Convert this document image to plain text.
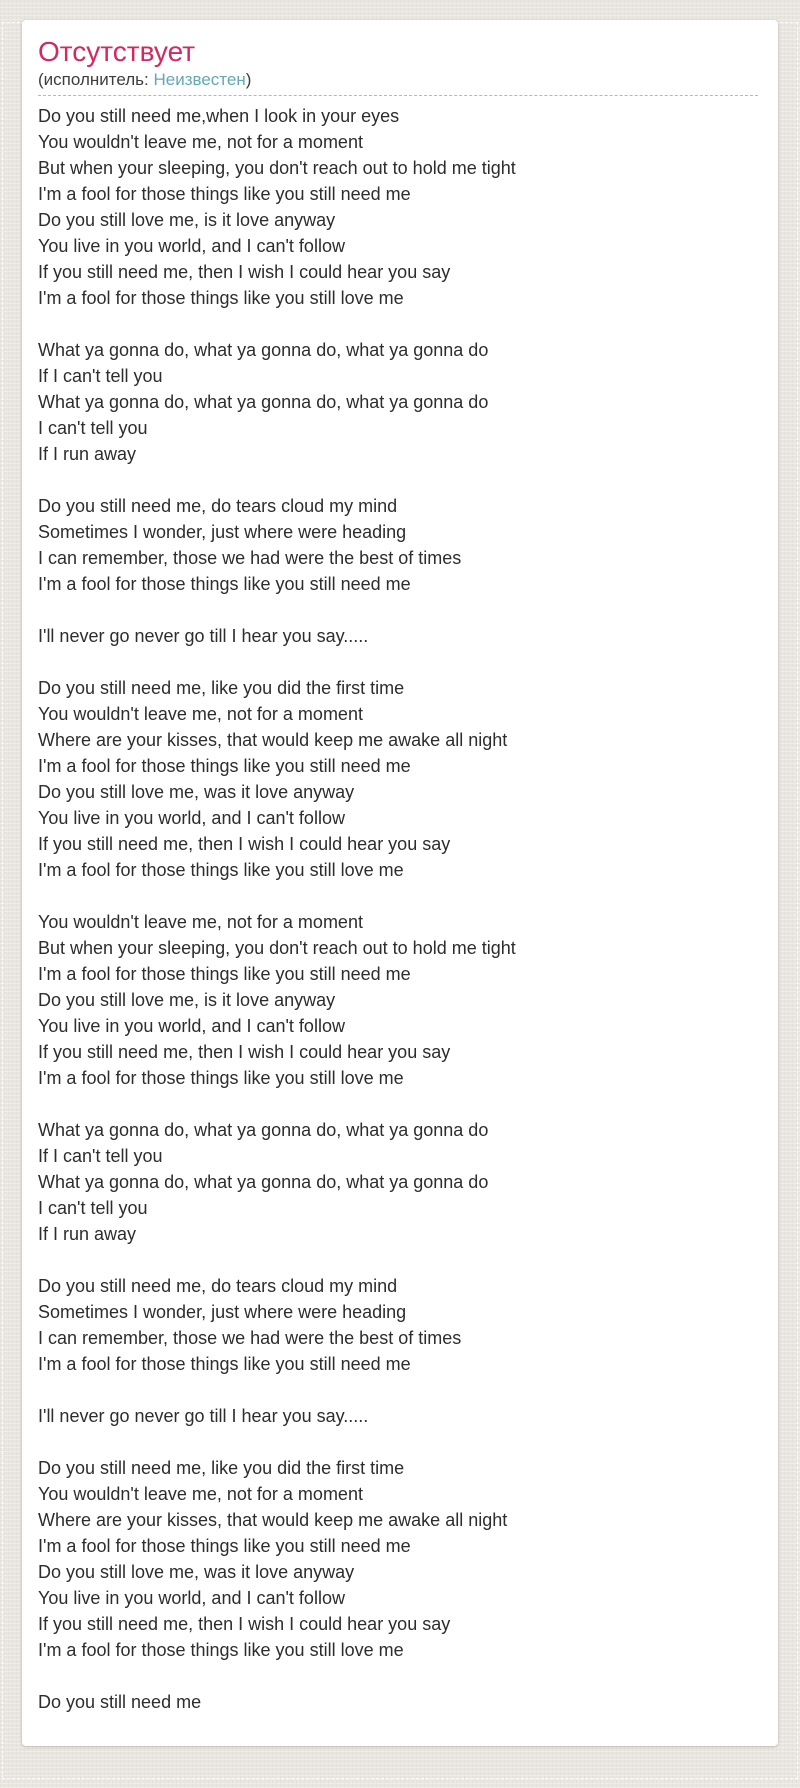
Отсутствует
(исполнитель: Неизвестен)

Do you still need me,when I look in your eyes
You wouldn't leave me, not for a moment
But when your sleeping, you don't reach out to hold me tight
I'm a fool for those things like you still need me
Do you still love me, is it love anyway
You live in you world, and I can't follow
If you still need me, then I wish I could hear you say
I'm a fool for those things like you still love me

What ya gonna do, what ya gonna do, what ya gonna do
If I can't tell you
What ya gonna do, what ya gonna do, what ya gonna do
I can't tell you
If I run away

Do you still need me, do tears cloud my mind
Sometimes I wonder, just where were heading
I can remember, those we had were the best of times
I'm a fool for those things like you still need me

I'll never go never go till I hear you say.....

Do you still need me, like you did the first time
You wouldn't leave me, not for a moment
Where are your kisses, that would keep me awake all night
I'm a fool for those things like you still need me
Do you still love me, was it love anyway
You live in you world, and I can't follow
If you still need me, then I wish I could hear you say
I'm a fool for those things like you still love me

You wouldn't leave me, not for a moment
But when your sleeping, you don't reach out to hold me tight
I'm a fool for those things like you still need me
Do you still love me, is it love anyway
You live in you world, and I can't follow
If you still need me, then I wish I could hear you say
I'm a fool for those things like you still love me

What ya gonna do, what ya gonna do, what ya gonna do
If I can't tell you
What ya gonna do, what ya gonna do, what ya gonna do
I can't tell you
If I run away

Do you still need me, do tears cloud my mind
Sometimes I wonder, just where were heading
I can remember, those we had were the best of times
I'm a fool for those things like you still need me

I'll never go never go till I hear you say.....

Do you still need me, like you did the first time
You wouldn't leave me, not for a moment
Where are your kisses, that would keep me awake all night
I'm a fool for those things like you still need me
Do you still love me, was it love anyway
You live in you world, and I can't follow
If you still need me, then I wish I could hear you say
I'm a fool for those things like you still love me

Do you still need me
